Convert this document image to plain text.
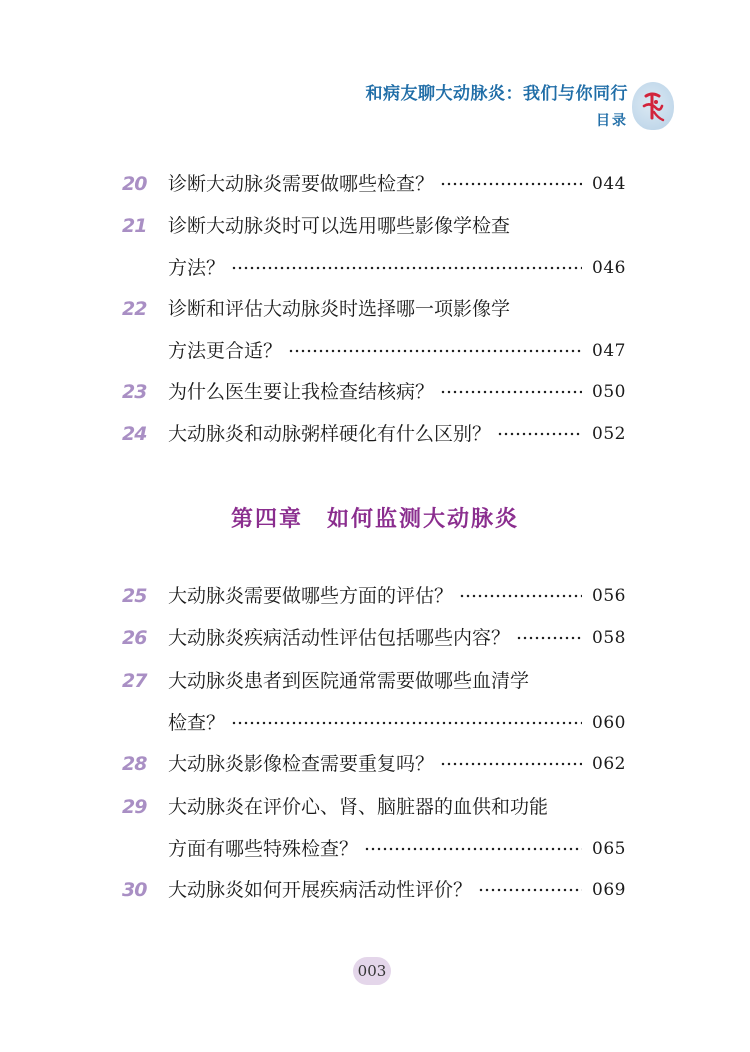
和病友聊大动脉炎：我们与你同行
目录
20	诊断大动脉炎需要做哪些检查？	044
21	诊断大动脉炎时可以选用哪些影像学检查
方法？	046
22	诊断和评估大动脉炎时选择哪一项影像学
方法更合适？	047
23	为什么医生要让我检查结核病？	050
24	大动脉炎和动脉粥样硬化有什么区别？	052
第四章　如何监测大动脉炎
25	大动脉炎需要做哪些方面的评估？	056
26	大动脉炎疾病活动性评估包括哪些内容？	058
27	大动脉炎患者到医院通常需要做哪些血清学
检查？	060
28	大动脉炎影像检查需要重复吗？	062
29	大动脉炎在评价心、肾、脑脏器的血供和功能
方面有哪些特殊检查？	065
30	大动脉炎如何开展疾病活动性评价？	069
003
